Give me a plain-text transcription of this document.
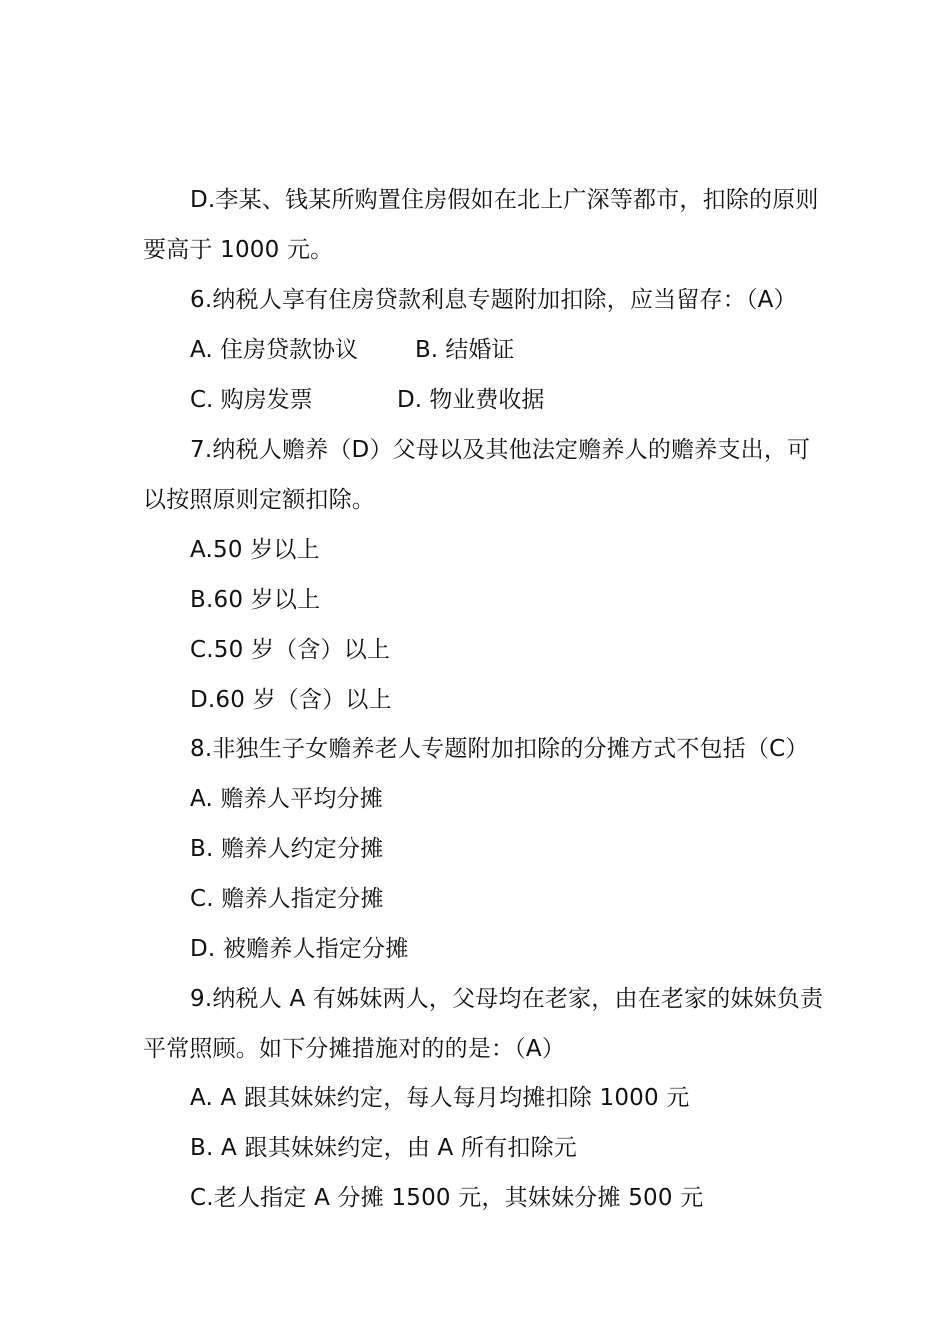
D.李某、钱某所购置住房假如在北上广深等都市，扣除的原则
要高于 1000 元。
6.纳税人享有住房贷款利息专题附加扣除，应当留存：（A）
A. 住房贷款协议 B. 结婚证
C. 购房发票	D. 物业费收据
7.纳税人赡养（D）父母以及其他法定赡养人的赡养支出，可
以按照原则定额扣除。
A.50 岁以上
B.60 岁以上
C.50 岁（含）以上
D.60 岁（含）以上
8.非独生子女赡养老人专题附加扣除的分摊方式不包括（C）
A. 赡养人平均分摊
B. 赡养人约定分摊
C. 赡养人指定分摊
D. 被赡养人指定分摊
9.纳税人 A 有姊妹两人，父母均在老家，由在老家的妹妹负责
平常照顾。如下分摊措施对的的是：（A）
A. A 跟其妹妹约定，每人每月均摊扣除 1000 元
B. A 跟其妹妹约定，由 A 所有扣除元
C.老人指定 A 分摊 1500 元，其妹妹分摊 500 元
